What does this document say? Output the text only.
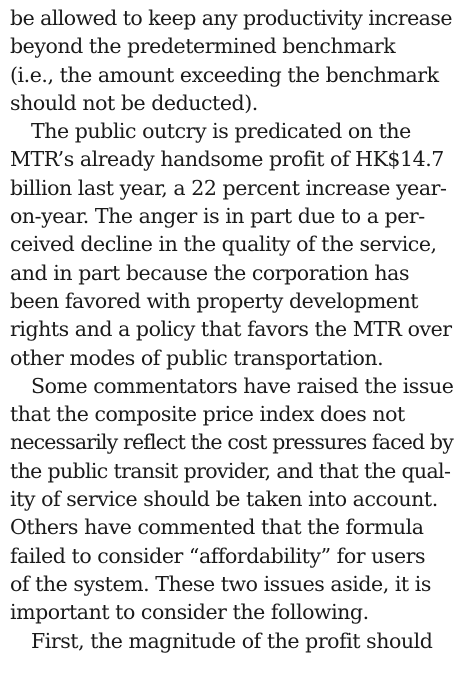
be allowed to keep any productivity increase
beyond the predetermined benchmark
(i.e., the amount exceeding the benchmark
should not be deducted).
The public outcry is predicated on the
MTR’s already handsome profit of HK$14.7
billion last year, a 22 percent increase year-
on-year. The anger is in part due to a per-
ceived decline in the quality of the service,
and in part because the corporation has
been favored with property development
rights and a policy that favors the MTR over
other modes of public transportation.
Some commentators have raised the issue
that the composite price index does not
necessarily reflect the cost pressures faced by
the public transit provider, and that the qual-
ity of service should be taken into account.
Others have commented that the formula
failed to consider “affordability” for users
of the system. These two issues aside, it is
important to consider the following.
First, the magnitude of the profit should
